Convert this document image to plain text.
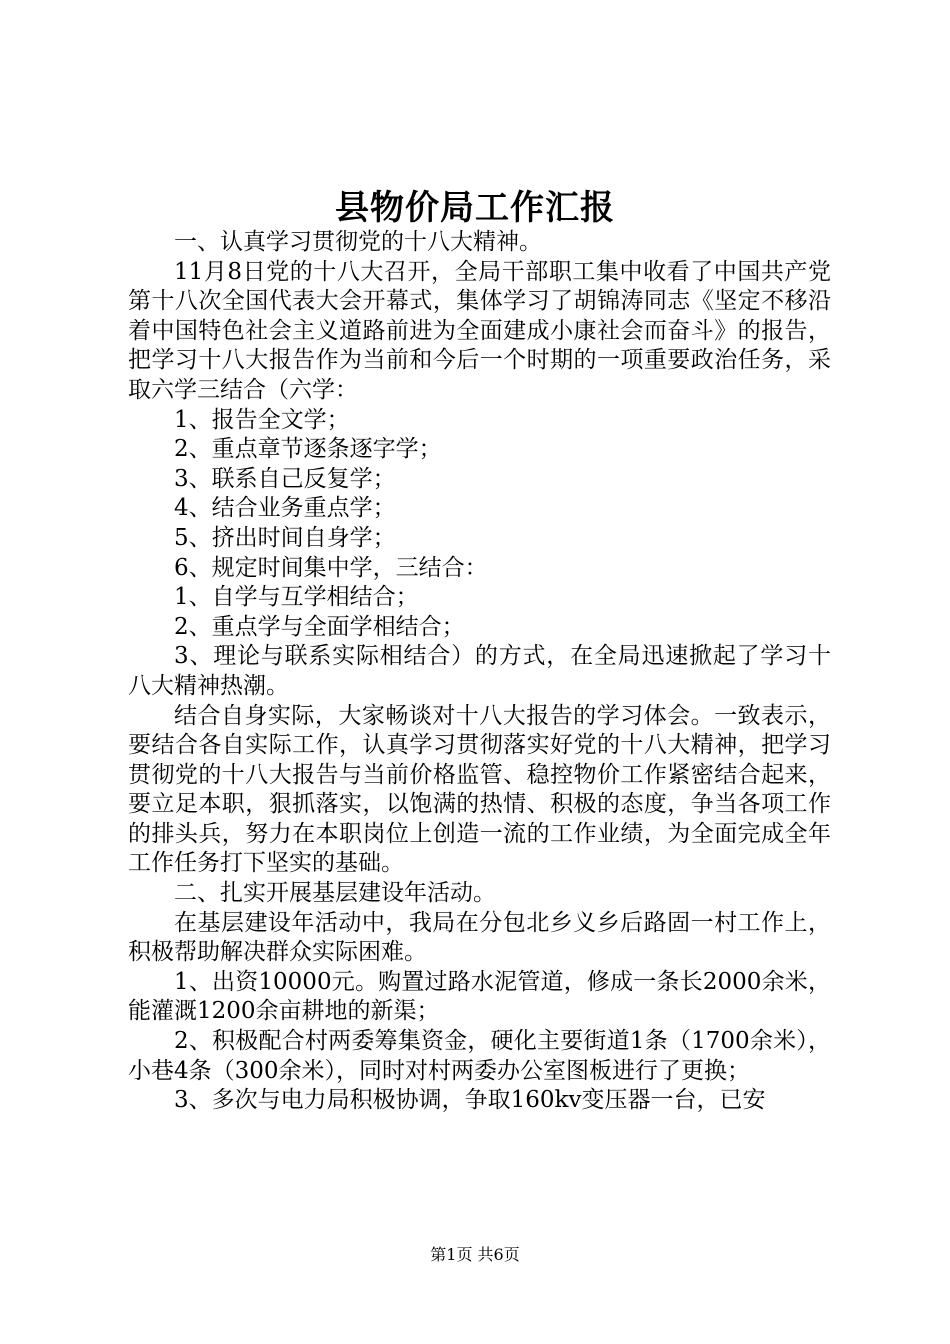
县物价局工作汇报

一、认真学习贯彻党的十八大精神。

11月8日党的十八大召开，全局干部职工集中收看了中国共产党第十八次全国代表大会开幕式，集体学习了胡锦涛同志《坚定不移沿着中国特色社会主义道路前进为全面建成小康社会而奋斗》的报告，把学习十八大报告作为当前和今后一个时期的一项重要政治任务，采取六学三结合（六学：

1、报告全文学；

2、重点章节逐条逐字学；

3、联系自己反复学；

4、结合业务重点学；

5、挤出时间自身学；

6、规定时间集中学，三结合：

1、自学与互学相结合；

2、重点学与全面学相结合；

3、理论与联系实际相结合）的方式，在全局迅速掀起了学习十八大精神热潮。

结合自身实际，大家畅谈对十八大报告的学习体会。一致表示，要结合各自实际工作，认真学习贯彻落实好党的十八大精神，把学习贯彻党的十八大报告与当前价格监管、稳控物价工作紧密结合起来，要立足本职，狠抓落实，以饱满的热情、积极的态度，争当各项工作的排头兵，努力在本职岗位上创造一流的工作业绩，为全面完成全年工作任务打下坚实的基础。

二、扎实开展基层建设年活动。

在基层建设年活动中，我局在分包北乡义乡后路固一村工作上，积极帮助解决群众实际困难。

1、出资10000元。购置过路水泥管道，修成一条长2000余米，能灌溉1200余亩耕地的新渠；

2、积极配合村两委筹集资金，硬化主要街道1条（1700余米），小巷4条（300余米），同时对村两委办公室图板进行了更换；

3、多次与电力局积极协调，争取160kv变压器一台，已安

第1页 共6页
